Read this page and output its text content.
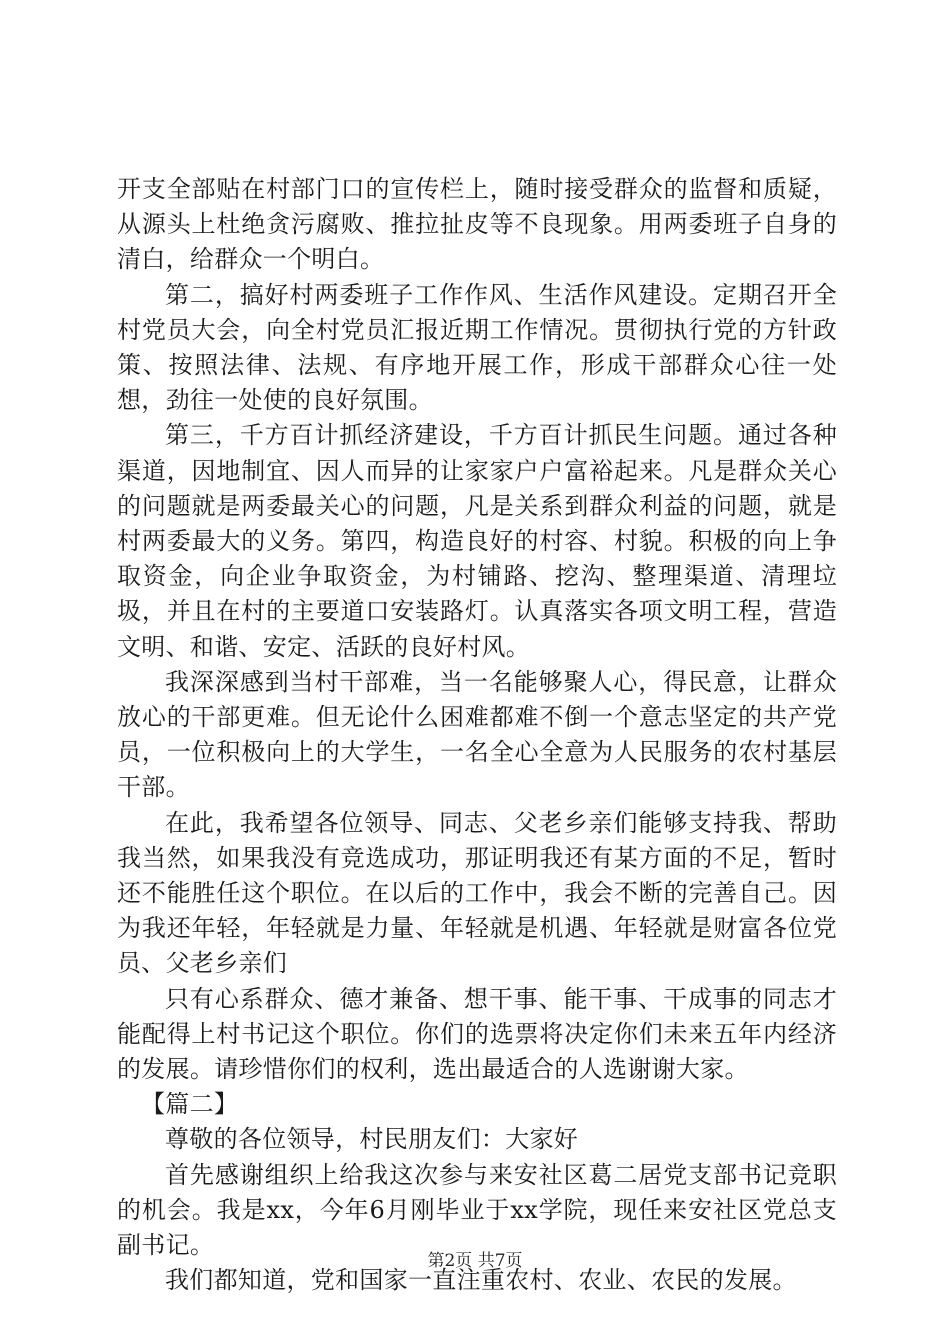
开支全部贴在村部门口的宣传栏上，随时接受群众的监督和质疑，从源头上杜绝贪污腐败、推拉扯皮等不良现象。用两委班子自身的清白，给群众一个明白。

第二，搞好村两委班子工作作风、生活作风建设。定期召开全村党员大会，向全村党员汇报近期工作情况。贯彻执行党的方针政策、按照法律、法规、有序地开展工作，形成干部群众心往一处想，劲往一处使的良好氛围。

第三，千方百计抓经济建设，千方百计抓民生问题。通过各种渠道，因地制宜、因人而异的让家家户户富裕起来。凡是群众关心的问题就是两委最关心的问题，凡是关系到群众利益的问题，就是村两委最大的义务。第四，构造良好的村容、村貌。积极的向上争取资金，向企业争取资金，为村铺路、挖沟、整理渠道、清理垃圾，并且在村的主要道口安装路灯。认真落实各项文明工程，营造文明、和谐、安定、活跃的良好村风。

我深深感到当村干部难，当一名能够聚人心，得民意，让群众放心的干部更难。但无论什么困难都难不倒一个意志坚定的共产党员，一位积极向上的大学生，一名全心全意为人民服务的农村基层干部。

在此，我希望各位领导、同志、父老乡亲们能够支持我、帮助我当然，如果我没有竞选成功，那证明我还有某方面的不足，暂时还不能胜任这个职位。在以后的工作中，我会不断的完善自己。因为我还年轻，年轻就是力量、年轻就是机遇、年轻就是财富各位党员、父老乡亲们

只有心系群众、德才兼备、想干事、能干事、干成事的同志才能配得上村书记这个职位。你们的选票将决定你们未来五年内经济的发展。请珍惜你们的权利，选出最适合的人选谢谢大家。

【篇二】

尊敬的各位领导，村民朋友们：大家好

首先感谢组织上给我这次参与来安社区葛二居党支部书记竞职的机会。我是xx，今年6月刚毕业于xx学院，现任来安社区党总支副书记。

我们都知道，党和国家一直注重农村、农业、农民的发展。

第2页 共7页
